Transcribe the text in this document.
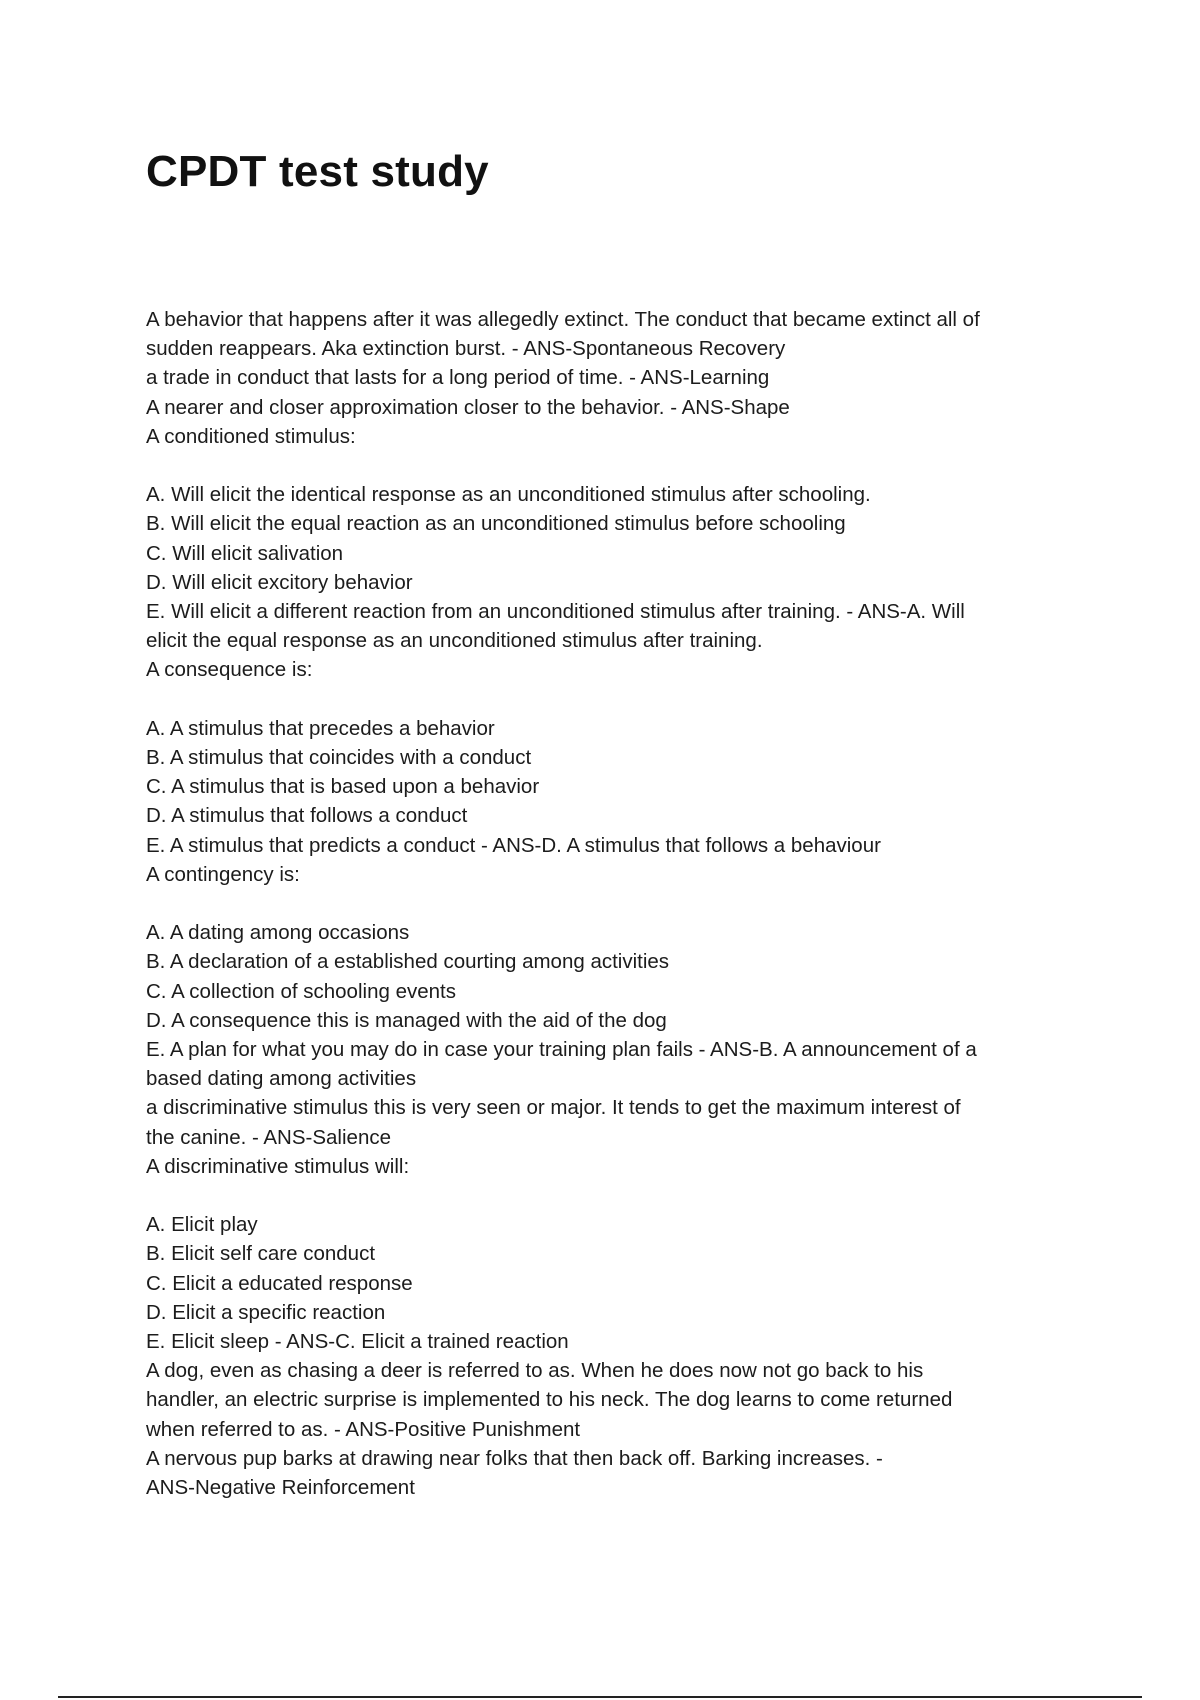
CPDT test study
A behavior that happens after it was allegedly extinct. The conduct that became extinct all of
sudden reappears. Aka extinction burst. - ANS-Spontaneous Recovery
a trade in conduct that lasts for a long period of time. - ANS-Learning
A nearer and closer approximation closer to the behavior. - ANS-Shape
A conditioned stimulus:
A. Will elicit the identical response as an unconditioned stimulus after schooling.
B. Will elicit the equal reaction as an unconditioned stimulus before schooling
C. Will elicit salivation
D. Will elicit excitory behavior
E. Will elicit a different reaction from an unconditioned stimulus after training. - ANS-A. Will
elicit the equal response as an unconditioned stimulus after training.
A consequence is:
A. A stimulus that precedes a behavior
B. A stimulus that coincides with a conduct
C. A stimulus that is based upon a behavior
D. A stimulus that follows a conduct
E. A stimulus that predicts a conduct - ANS-D. A stimulus that follows a behaviour
A contingency is:
A. A dating among occasions
B. A declaration of a established courting among activities
C. A collection of schooling events
D. A consequence this is managed with the aid of the dog
E. A plan for what you may do in case your training plan fails - ANS-B. A announcement of a
based dating among activities
a discriminative stimulus this is very seen or major. It tends to get the maximum interest of
the canine. - ANS-Salience
A discriminative stimulus will:
A. Elicit play
B. Elicit self care conduct
C. Elicit a educated response
D. Elicit a specific reaction
E. Elicit sleep - ANS-C. Elicit a trained reaction
A dog, even as chasing a deer is referred to as. When he does now not go back to his
handler, an electric surprise is implemented to his neck. The dog learns to come returned
when referred to as. - ANS-Positive Punishment
A nervous pup barks at drawing near folks that then back off. Barking increases. -
ANS-Negative Reinforcement
